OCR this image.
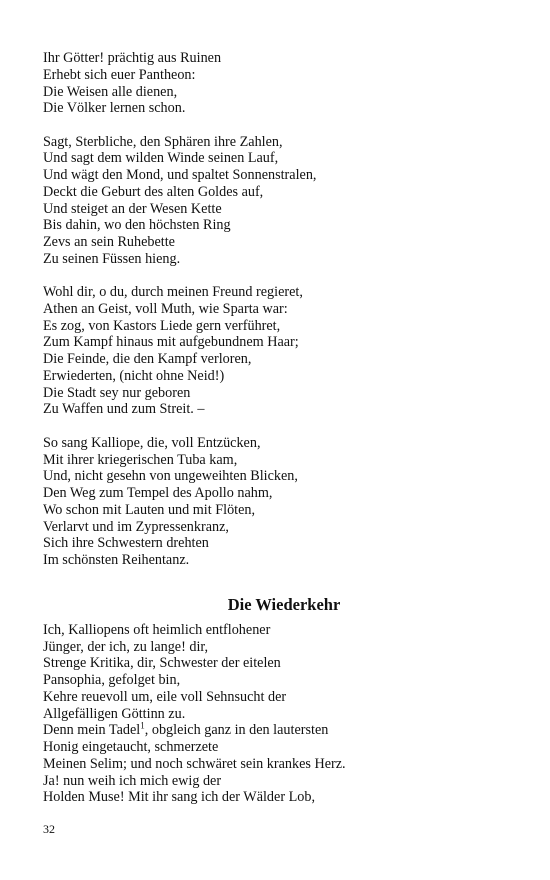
Ihr Götter! prächtig aus Ruinen
Erhebt sich euer Pantheon:
Die Weisen alle dienen,
Die Völker lernen schon.
Sagt, Sterbliche, den Sphären ihre Zahlen,
Und sagt dem wilden Winde seinen Lauf,
Und wägt den Mond, und spaltet Sonnenstralen,
Deckt die Geburt des alten Goldes auf,
Und steiget an der Wesen Kette
Bis dahin, wo den höchsten Ring
Zevs an sein Ruhebette
Zu seinen Füssen hieng.
Wohl dir, o du, durch meinen Freund regieret,
Athen an Geist, voll Muth, wie Sparta war:
Es zog, von Kastors Liede gern verführet,
Zum Kampf hinaus mit aufgebundnem Haar;
Die Feinde, die den Kampf verloren,
Erwiederten, (nicht ohne Neid!)
Die Stadt sey nur geboren
Zu Waffen und zum Streit. –
So sang Kalliope, die, voll Entzücken,
Mit ihrer kriegerischen Tuba kam,
Und, nicht gesehn von ungeweihten Blicken,
Den Weg zum Tempel des Apollo nahm,
Wo schon mit Lauten und mit Flöten,
Verlarvt und im Zypressenkranz,
Sich ihre Schwestern drehten
Im schönsten Reihentanz.
Die Wiederkehr
Ich, Kalliopens oft heimlich entflohener
Jünger, der ich, zu lange! dir,
Strenge Kritika, dir, Schwester der eitelen
Pansophia, gefolget bin,
Kehre reuevoll um, eile voll Sehnsucht der
Allgefälligen Göttinn zu.
Denn mein Tadel$^1$, obgleich ganz in den lautersten
Honig eingetaucht, schmerzete
Meinen Selim; und noch schwäret sein krankes Herz.
Ja! nun weih ich mich ewig der
Holden Muse! Mit ihr sang ich der Wälder Lob,
32
